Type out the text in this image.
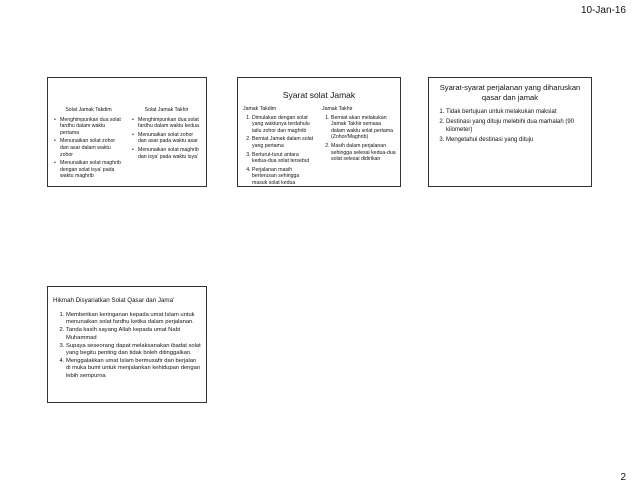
10-Jan-16
Solat Jamak Takdim
• Menghimpunkan dua solat fardhu dalam waktu pertama
• Menunaikan solat zohor dan asar dalam waktu zohor
• Menunaikan solat maghrib dengan solat isya' pada waktu maghrib
Solat Jamak Takhir
• Menghimpunkan dua solat fardhu dalam waktu kedua
• Menunaikan solat zohor dan asar pada waktu asar
• Menunaikan solat maghrib dan isya' pada waktu isya'
Syarat solat Jamak
Jamak Takdim
1. Dimulakan dengan solat yang waktunya terdahulu iaitu zohor dan maghrib
2. Berniat Jamak dalam solat yang pertama
3. Berturut-turut antara kedua-dua solat tersebut
4. Perjalanan masih berterusan sehingga masuk solat kedua
Jamak Takhir
1. Berniat akan melakukan Jamak Takhir semasa dalam waktu solat pertama (Zohor/Maghrib)
2. Masih dalam perjalanan sehingga selesai kedua-dua solat selesai didirikan
Syarat-syarat perjalanan yang diharuskan qasar dan jamak
1. Tidak bertujuan untuk melakukan maksiat
2. Destinasi yang dituju melebihi dua marhalah (90 kilometer)
3. Mengetahui destinasi yang dituju
Hikmah Disyariatkan Solat Qasar dan Jama'
1. Memberikan keringanan kepada umat Islam untuk menunaikan solat fardhu ketika dalam perjalanan.
2. Tanda kasih sayang Allah kepada umat Nabi Muhammad
3. Supaya seseorang dapat melaksanakan ibadat solat yang begitu penting dan tidak boleh ditinggalkan.
4. Menggalakkan umat Islam bermusafir dan berjalan di muka bumi untuk menjalankan kehidupan dengan lebih sempurna
2
